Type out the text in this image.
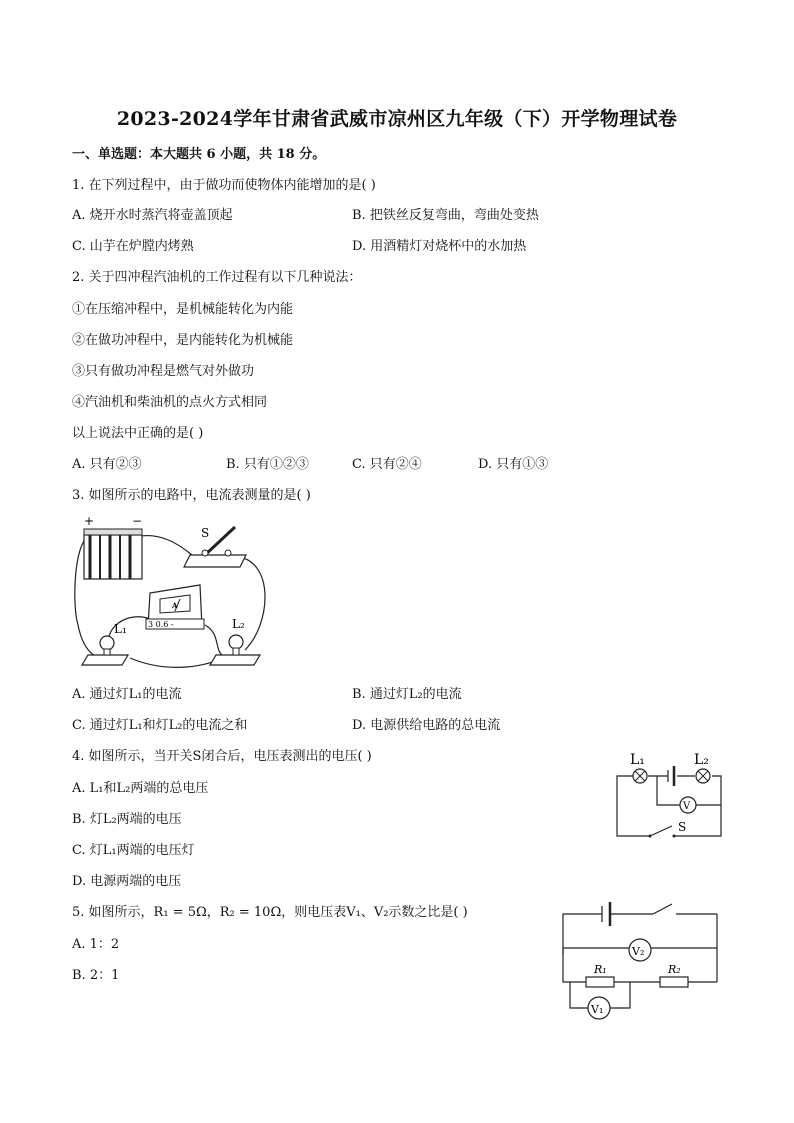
2023-2024学年甘肃省武威市凉州区九年级（下）开学物理试卷
一、单选题：本大题共 6 小题，共 18 分。
1. 在下列过程中，由于做功而使物体内能增加的是( )
A. 烧开水时蒸汽将壶盖顶起	B. 把铁丝反复弯曲，弯曲处变热
C. 山芋在炉膛内烤熟	D. 用酒精灯对烧杯中的水加热
2. 关于四冲程汽油机的工作过程有以下几种说法：
①在压缩冲程中，是机械能转化为内能
②在做功冲程中，是内能转化为机械能
③只有做功冲程是燃气对外做功
④汽油机和柴油机的点火方式相同
以上说法中正确的是( )
A. 只有②③	B. 只有①②③	C. 只有②④	D. 只有①③
3. 如图所示的电路中，电流表测量的是( )
+	−
S
A
3 0.6 -
L₁	L₂
A. 通过灯L₁的电流	B. 通过灯L₂的电流
C. 通过灯L₁和灯L₂的电流之和	D. 电源供给电路的总电流
4. 如图所示，当开关S闭合后，电压表测出的电压( )
A. L₁和L₂两端的总电压
B. 灯L₂两端的电压
C. 灯L₁两端的电压灯
D. 电源两端的电压
L₁	L₂
V
S
5. 如图所示，R₁ = 5Ω，R₂ = 10Ω，则电压表V₁、V₂示数之比是( )
A. 1：2
B. 2：1
V₂
R₁	R₂
V₁
